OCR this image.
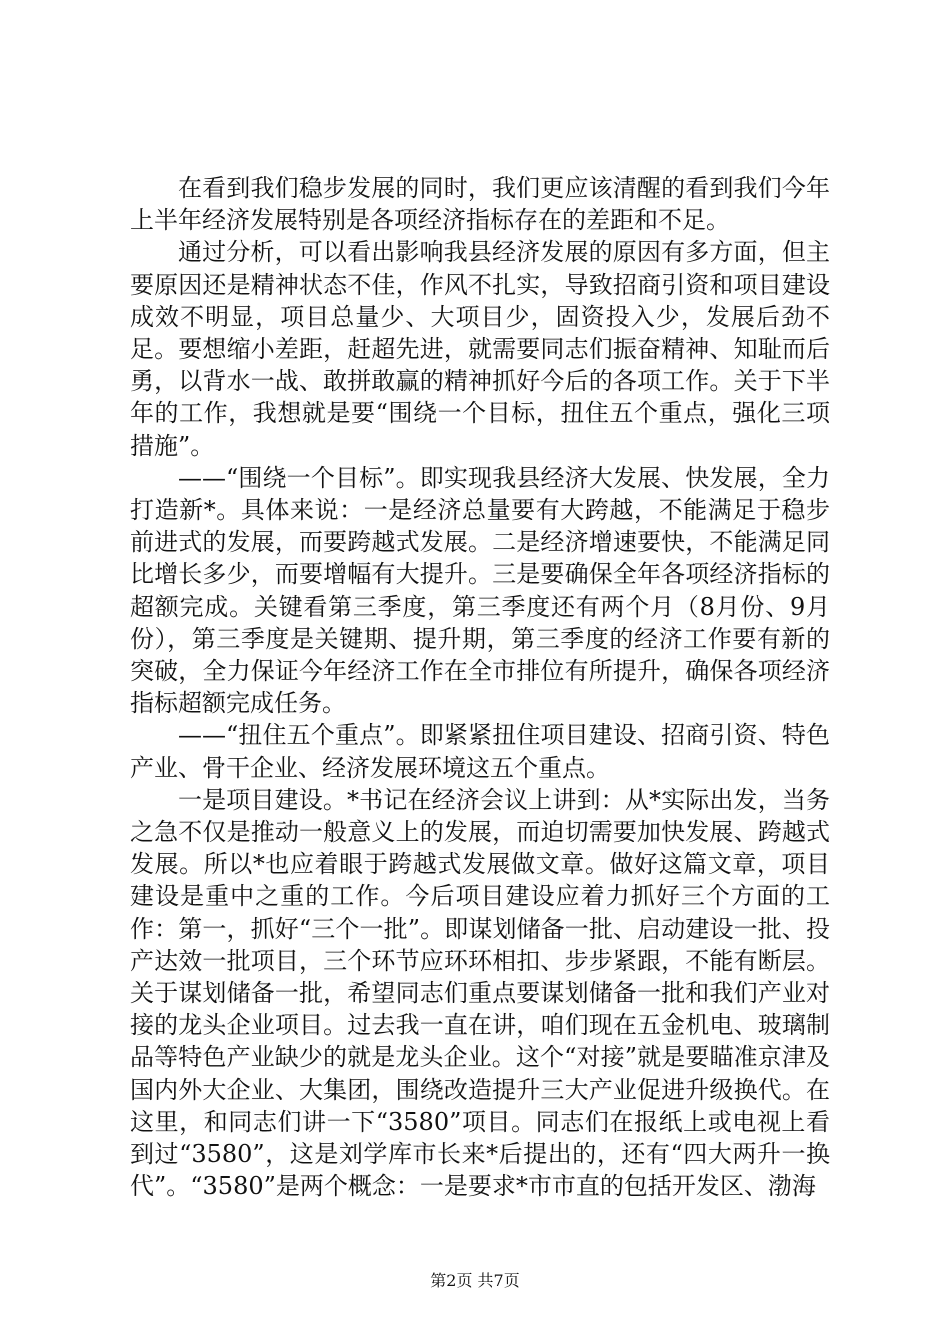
在看到我们稳步发展的同时，我们更应该清醒的看到我们今年上半年经济发展特别是各项经济指标存在的差距和不足。

通过分析，可以看出影响我县经济发展的原因有多方面，但主要原因还是精神状态不佳，作风不扎实，导致招商引资和项目建设成效不明显，项目总量少、大项目少，固资投入少，发展后劲不足。要想缩小差距，赶超先进，就需要同志们振奋精神、知耻而后勇，以背水一战、敢拼敢赢的精神抓好今后的各项工作。关于下半年的工作，我想就是要“围绕一个目标，扭住五个重点，强化三项措施”。

——“围绕一个目标”。即实现我县经济大发展、快发展，全力打造新*。具体来说：一是经济总量要有大跨越，不能满足于稳步前进式的发展，而要跨越式发展。二是经济增速要快，不能满足同比增长多少，而要增幅有大提升。三是要确保全年各项经济指标的超额完成。关键看第三季度，第三季度还有两个月（8月份、9月份），第三季度是关键期、提升期，第三季度的经济工作要有新的突破，全力保证今年经济工作在全市排位有所提升，确保各项经济指标超额完成任务。

——“扭住五个重点”。即紧紧扭住项目建设、招商引资、特色产业、骨干企业、经济发展环境这五个重点。

一是项目建设。*书记在经济会议上讲到：从*实际出发，当务之急不仅是推动一般意义上的发展，而迫切需要加快发展、跨越式发展。所以*也应着眼于跨越式发展做文章。做好这篇文章，项目建设是重中之重的工作。今后项目建设应着力抓好三个方面的工作：第一，抓好“三个一批”。即谋划储备一批、启动建设一批、投产达效一批项目，三个环节应环环相扣、步步紧跟，不能有断层。关于谋划储备一批，希望同志们重点要谋划储备一批和我们产业对接的龙头企业项目。过去我一直在讲，咱们现在五金机电、玻璃制品等特色产业缺少的就是龙头企业。这个“对接”就是要瞄准京津及国内外大企业、大集团，围绕改造提升三大产业促进升级换代。在这里，和同志们讲一下“3580”项目。同志们在报纸上或电视上看到过“3580”，这是刘学库市长来*后提出的，还有“四大两升一换代”。“3580”是两个概念：一是要求*市市直的包括开发区、渤海

第2页 共7页
